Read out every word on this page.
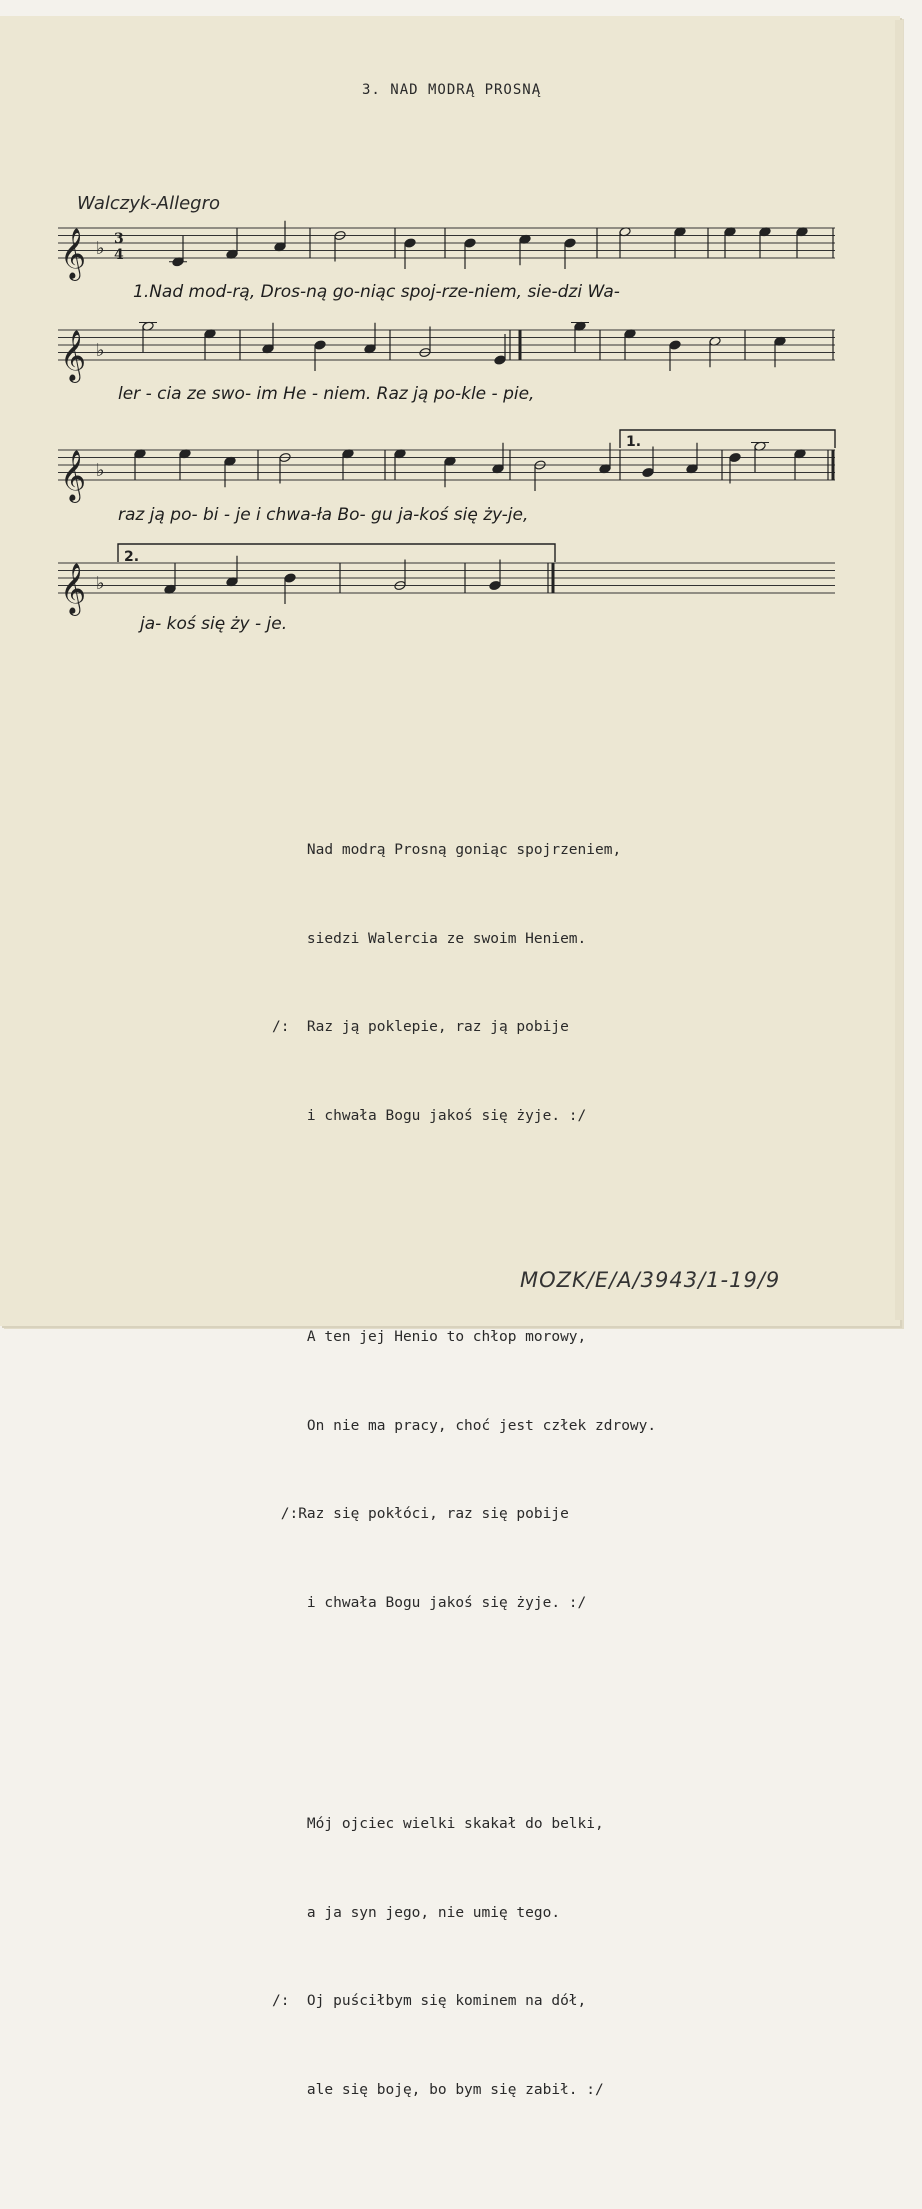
3. NAD MODRĄ PROSNĄ
Walczyk-Allegro
𝄞
𝄞
𝄞
𝄞
♭
♭
♭
♭
3
4
1.
2.
1.Nad mod-rą, Dros-ną go-niąc spoj-rze-niem, sie-dzi Wa-
ler - cia ze swo- im He - niem. Raz ją po-kle - pie,
raz ją po- bi - je i chwa-ła Bo- gu ja-koś się ży-je,
ja- koś się ży - je.

Nad modrą Prosną goniąc spojrzeniem,

siedzi Walercia ze swoim Heniem.

/:  Raz ją poklepie, raz ją pobije

i chwała Bogu jakoś się żyje. :/

A ten jej Henio to chłop morowy,

On nie ma pracy, choć jest człek zdrowy.

/:Raz się pokłóci, raz się pobije

i chwała Bogu jakoś się żyje. :/

Mój ojciec wielki skakał do belki,

a ja syn jego, nie umię tego.

/:  Oj puściłbym się kominem na dół,

ale się boję, bo bym się zabił. :/

MOZK/E/A/3943/1-19/9
